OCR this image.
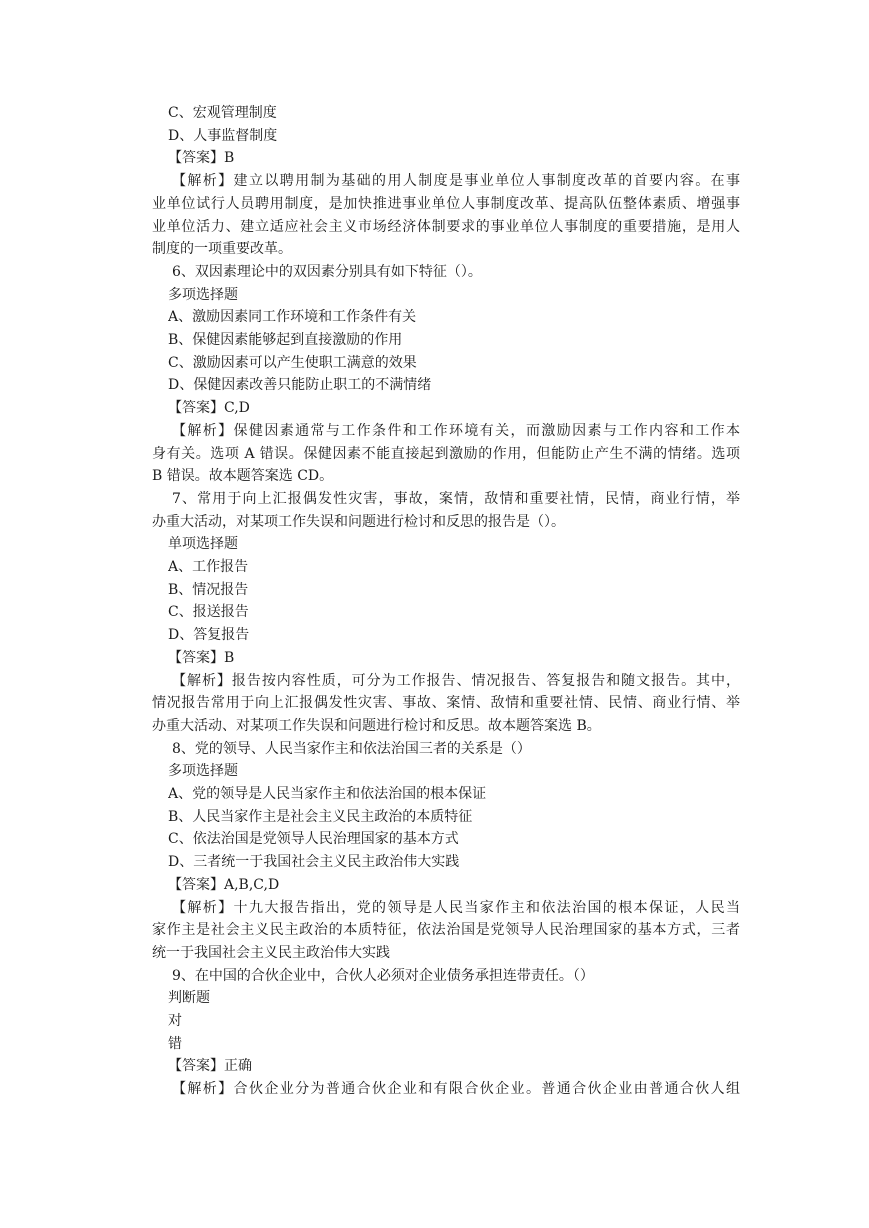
C、宏观管理制度
D、人事监督制度
【答案】B
【解析】建立以聘用制为基础的用人制度是事业单位人事制度改革的首要内容。在事
业单位试行人员聘用制度，是加快推进事业单位人事制度改革、提高队伍整体素质、增强事
业单位活力、建立适应社会主义市场经济体制要求的事业单位人事制度的重要措施，是用人
制度的一项重要改革。
6、双因素理论中的双因素分别具有如下特征（）。
多项选择题
A、激励因素同工作环境和工作条件有关
B、保健因素能够起到直接激励的作用
C、激励因素可以产生使职工满意的效果
D、保健因素改善只能防止职工的不满情绪
【答案】C,D
【解析】保健因素通常与工作条件和工作环境有关，而激励因素与工作内容和工作本
身有关。选项 A 错误。保健因素不能直接起到激励的作用，但能防止产生不满的情绪。选项
B 错误。故本题答案选 CD。
7、常用于向上汇报偶发性灾害，事故，案情，敌情和重要社情，民情，商业行情，举
办重大活动，对某项工作失误和问题进行检讨和反思的报告是（）。
单项选择题
A、工作报告
B、情况报告
C、报送报告
D、答复报告
【答案】B
【解析】报告按内容性质，可分为工作报告、情况报告、答复报告和随文报告。其中，
情况报告常用于向上汇报偶发性灾害、事故、案情、敌情和重要社情、民情、商业行情、举
办重大活动、对某项工作失误和问题进行检讨和反思。故本题答案选 B。
8、党的领导、人民当家作主和依法治国三者的关系是（）
多项选择题
A、党的领导是人民当家作主和依法治国的根本保证
B、人民当家作主是社会主义民主政治的本质特征
C、依法治国是党领导人民治理国家的基本方式
D、三者统一于我国社会主义民主政治伟大实践
【答案】A,B,C,D
【解析】十九大报告指出，党的领导是人民当家作主和依法治国的根本保证，人民当
家作主是社会主义民主政治的本质特征，依法治国是党领导人民治理国家的基本方式，三者
统一于我国社会主义民主政治伟大实践
9、在中国的合伙企业中，合伙人必须对企业债务承担连带责任。（）
判断题
对
错
【答案】正确
【解析】合伙企业分为普通合伙企业和有限合伙企业。普通合伙企业由普通合伙人组
